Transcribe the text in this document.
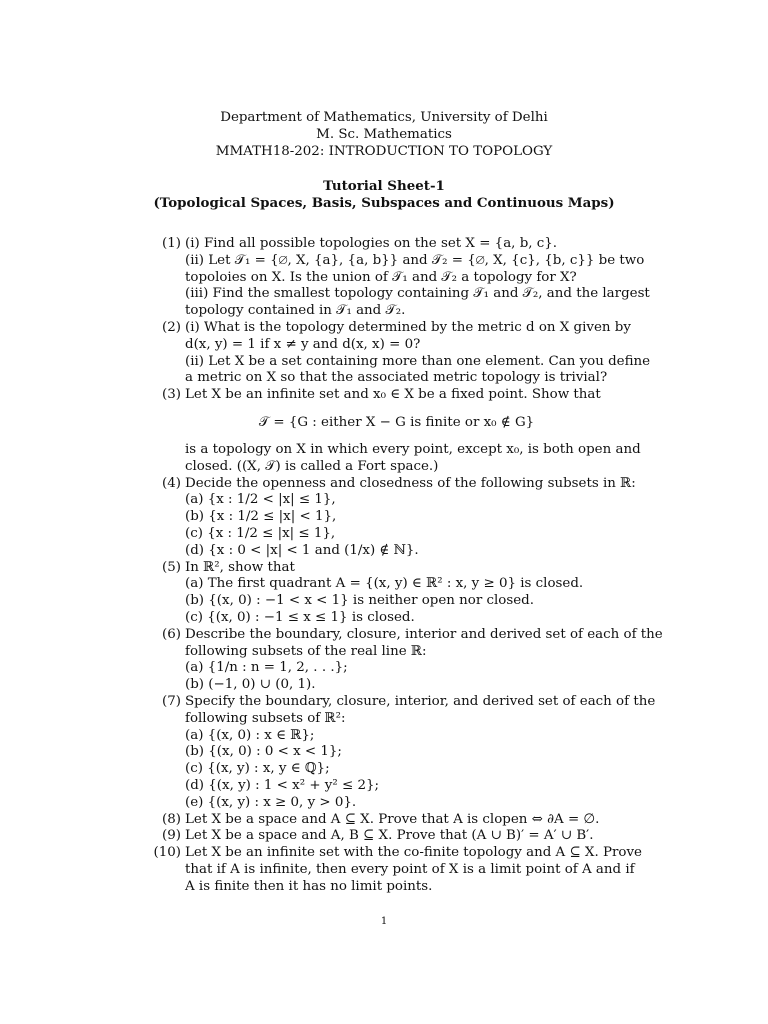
Department of Mathematics, University of Delhi
M. Sc. Mathematics
MMATH18-202: INTRODUCTION TO TOPOLOGY
Tutorial Sheet-1
(Topological Spaces, Basis, Subspaces and Continuous Maps)
(1) (i) Find all possible topologies on the set X = {a, b, c}.
(ii) Let 𝒯₁ = {∅, X, {a}, {a, b}} and 𝒯₂ = {∅, X, {c}, {b, c}} be two
topoloies on X. Is the union of 𝒯₁ and 𝒯₂ a topology for X?
(iii) Find the smallest topology containing 𝒯₁ and 𝒯₂, and the largest
topology contained in 𝒯₁ and 𝒯₂.
(2) (i) What is the topology determined by the metric d on X given by
d(x, y) = 1 if x ≠ y and d(x, x) = 0?
(ii) Let X be a set containing more than one element. Can you define
a metric on X so that the associated metric topology is trivial?
(3) Let X be an infinite set and x₀ ∈ X be a fixed point. Show that
𝒯 = {G : either X − G is finite or x₀ ∉ G}
is a topology on X in which every point, except x₀, is both open and
closed. ((X, 𝒯) is called a Fort space.)
(4) Decide the openness and closedness of the following subsets in ℝ:
(a) {x : 1/2 < |x| ≤ 1},
(b) {x : 1/2 ≤ |x| < 1},
(c) {x : 1/2 ≤ |x| ≤ 1},
(d) {x : 0 < |x| < 1 and (1/x) ∉ ℕ}.
(5) In ℝ², show that
(a) The first quadrant A = {(x, y) ∈ ℝ² : x, y ≥ 0} is closed.
(b) {(x, 0) : −1 < x < 1} is neither open nor closed.
(c) {(x, 0) : −1 ≤ x ≤ 1} is closed.
(6) Describe the boundary, closure, interior and derived set of each of the
following subsets of the real line ℝ:
(a) {1/n : n = 1, 2, . . .};
(b) (−1, 0) ∪ (0, 1).
(7) Specify the boundary, closure, interior, and derived set of each of the
following subsets of ℝ²:
(a) {(x, 0) : x ∈ ℝ};
(b) {(x, 0) : 0 < x < 1};
(c) {(x, y) : x, y ∈ ℚ};
(d) {(x, y) : 1 < x² + y² ≤ 2};
(e) {(x, y) : x ≥ 0, y > 0}.
(8) Let X be a space and A ⊆ X. Prove that A is clopen ⇔ ∂A = ∅.
(9) Let X be a space and A, B ⊆ X. Prove that (A ∪ B)′ = A′ ∪ B′.
(10) Let X be an infinite set with the co-finite topology and A ⊆ X. Prove
that if A is infinite, then every point of X is a limit point of A and if
A is finite then it has no limit points.
1
